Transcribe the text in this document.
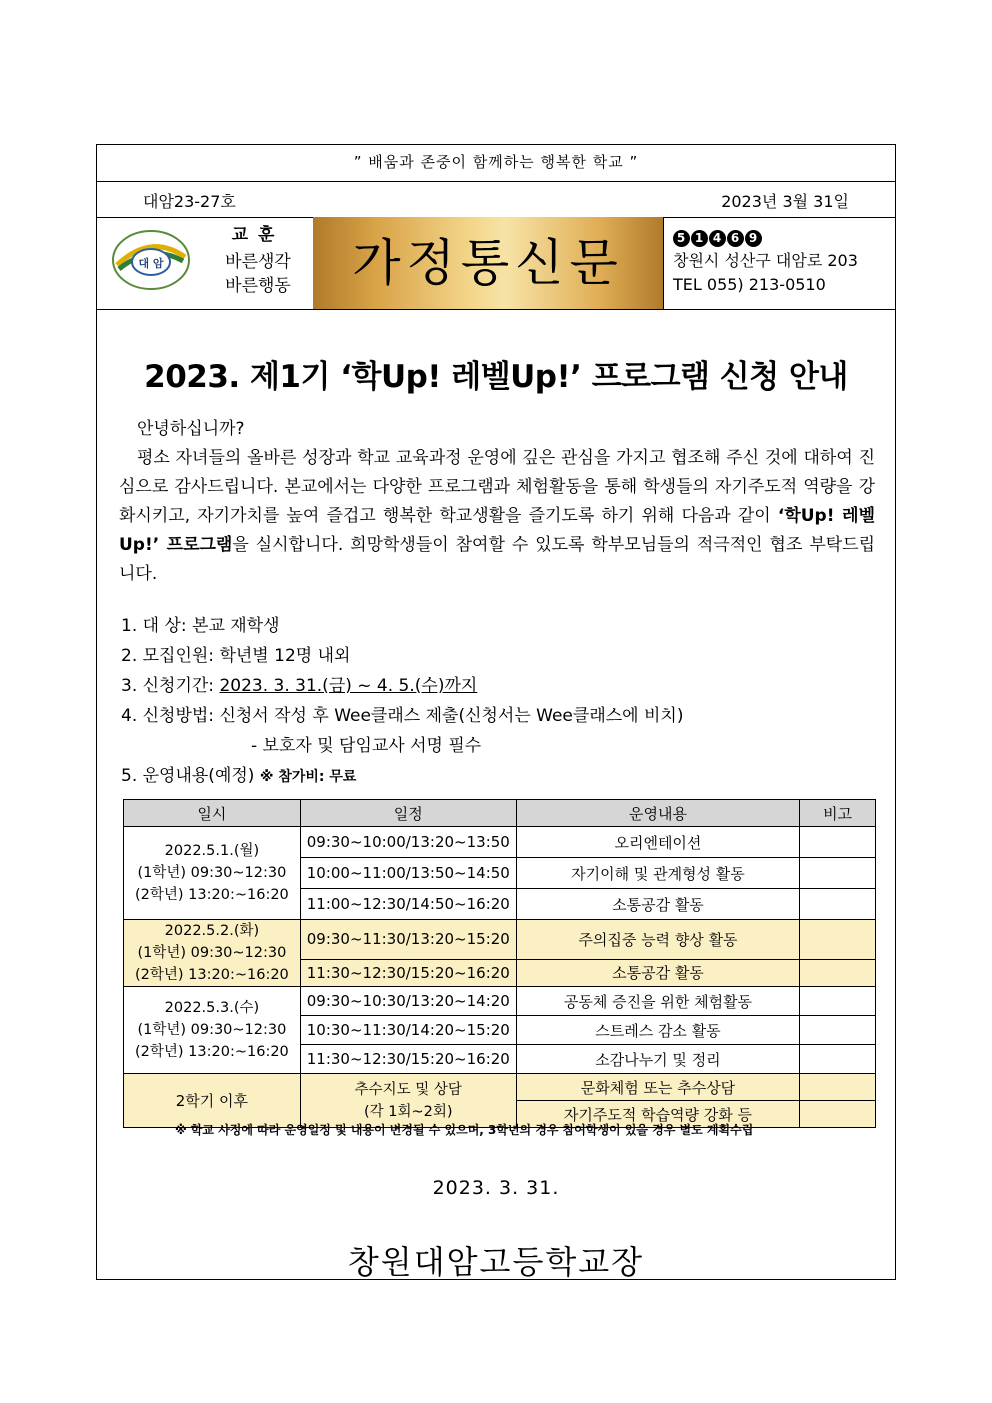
” 배움과 존중이 함께하는 행복한 학교 ”
대암23-27호	2023년 3월 31일
대 암
교훈
바른생각
바른행동	가정통신문	5 1 4 6 9
창원시 성산구 대암로 203
TEL 055) 213-0510
2023. 제1기 ‘학Up! 레벨Up!’ 프로그램 신청 안내

안녕하십니까?

평소 자녀들의 올바른 성장과 학교 교육과정 운영에 깊은 관심을 가지고 협조해 주신 것에 대하여 진심으로 감사드립니다. 본교에서는 다양한 프로그램과 체험활동을 통해 학생들의 자기주도적 역량을 강화시키고, 자기가치를 높여 즐겁고 행복한 학교생활을 즐기도록 하기 위해 다음과 같이 ‘학Up! 레벨Up!’ 프로그램을 실시합니다. 희망학생들이 참여할 수 있도록 학부모님들의 적극적인 협조 부탁드립니다.

1. 대 상: 본교 재학생
2. 모집인원: 학년별 12명 내외
3. 신청기간: 2023. 3. 31.(금) ~ 4. 5.(수)까지
4. 신청방법: 신청서 작성 후 Wee클래스 제출(신청서는 Wee클래스에 비치)
- 보호자 및 담임교사 서명 필수
5. 운영내용(예정) ※ 참가비: 무료
일시	일정	운영내용	비고

2022.5.1.(월)
(1학년) 09:30~12:30
(2학년) 13:20:~16:20	09:30~10:00/13:20~13:50	오리엔테이션	
	10:00~11:00/13:50~14:50	자기이해 및 관계형성 활동	
	11:00~12:30/14:50~16:20	소통공감 활동	

2022.5.2.(화)
(1학년) 09:30~12:30
(2학년) 13:20:~16:20	09:30~11:30/13:20~15:20	주의집중 능력 향상 활동	
	11:30~12:30/15:20~16:20	소통공감 활동	

2022.5.3.(수)
(1학년) 09:30~12:30
(2학년) 13:20:~16:20	09:30~10:30/13:20~14:20	공동체 증진을 위한 체험활동	
	10:30~11:30/14:20~15:20	스트레스 감소 활동	
	11:30~12:30/15:20~16:20	소감나누기 및 정리	
2학기 이후	추수지도 및 상담
(각 1회~2회)	문화체험 또는 추수상담	
		자기주도적 학습역량 강화 등	
※ 학교 사정에 따라 운영일정 및 내용이 변경될 수 있으며, 3학년의 경우 참여학생이 있을 경우 별도 계획수립
2023. 3. 31.
창원대암고등학교장
